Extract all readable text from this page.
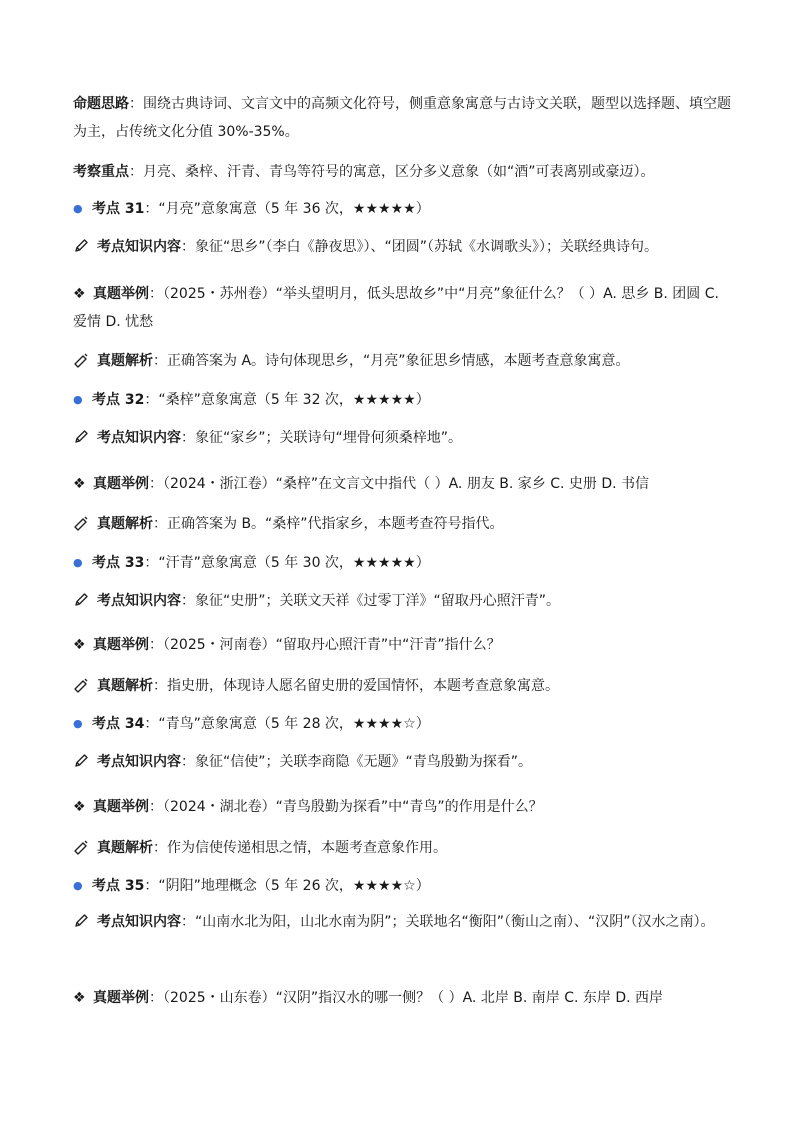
命题思路：围绕古典诗词、文言文中的高频文化符号，侧重意象寓意与古诗文关联，题型以选择题、填空题为主，占传统文化分值 30%-35%。
考察重点：月亮、桑梓、汗青、青鸟等符号的寓意，区分多义意象（如“酒”可表离别或豪迈）。
● 考点 31：“月亮”意象寓意（5 年 36 次，★★★★★）
考点知识内容：象征“思乡”（李白《静夜思》）、“团圆”（苏轼《水调歌头》）；关联经典诗句。
❖ 真题举例：（2025・苏州卷）“举头望明月，低头思故乡”中“月亮”象征什么？（ ）A. 思乡 B. 团圆 C. 爱情 D. 忧愁
真题解析：正确答案为 A。诗句体现思乡，“月亮”象征思乡情感，本题考查意象寓意。
● 考点 32：“桑梓”意象寓意（5 年 32 次，★★★★★）
考点知识内容：象征“家乡”；关联诗句“埋骨何须桑梓地”。
❖ 真题举例：（2024・浙江卷）“桑梓”在文言文中指代（ ）A. 朋友 B. 家乡 C. 史册 D. 书信
真题解析：正确答案为 B。“桑梓”代指家乡，本题考查符号指代。
● 考点 33：“汗青”意象寓意（5 年 30 次，★★★★★）
考点知识内容：象征“史册”；关联文天祥《过零丁洋》“留取丹心照汗青”。
❖ 真题举例：（2025・河南卷）“留取丹心照汗青”中“汗青”指什么？
真题解析：指史册，体现诗人愿名留史册的爱国情怀，本题考查意象寓意。
● 考点 34：“青鸟”意象寓意（5 年 28 次，★★★★☆）
考点知识内容：象征“信使”；关联李商隐《无题》“青鸟殷勤为探看”。
❖ 真题举例：（2024・湖北卷）“青鸟殷勤为探看”中“青鸟”的作用是什么？
真题解析：作为信使传递相思之情，本题考查意象作用。
● 考点 35：“阴阳”地理概念（5 年 26 次，★★★★☆）
考点知识内容：“山南水北为阳，山北水南为阴”；关联地名“衡阳”（衡山之南）、“汉阴”（汉水之南）。
❖ 真题举例：（2025・山东卷）“汉阴”指汉水的哪一侧？（ ）A. 北岸 B. 南岸 C. 东岸 D. 西岸
